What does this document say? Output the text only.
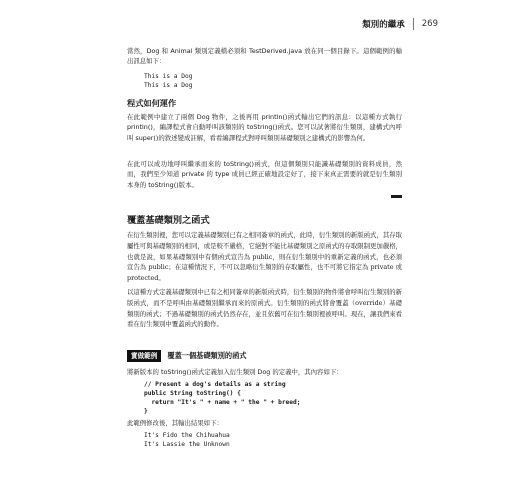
類別的繼承 269

當然，Dog 和 Animal 類別定義檔必須和 TestDerived.java 放在同一個目錄下。這個範例的輸出訊息如下：

This is a Dog
This is a Dog
程式如何運作

在此範例中建立了兩個 Dog 物件，之後再用 println()函式輸出它們的訊息：以這種方式執行 println()，編譯程式會自動呼叫該類別的 toString()函式。您可以試著將衍生類別，建構式內呼叫 super()的敘述變成註解，看看編譯程式對呼叫類別基礎類別之建構式的影響為何。

在此可以成功地呼叫繼承而來的 toString()函式，但這個類別只能識基礎類別的資料成員，然而，我們至少知道 private 的 type 成員已經正確地設定好了，接下來真正需要的就是衍生類別本身的 toString()版本。

覆蓋基礎類別之函式

在衍生類別裡，您可以定義基礎類別已有之相同簽章的函式，此時，衍生類別的新版函式，其存取屬性可與基礎類別的相同，或是較不嚴格，它絕對不能比基礎類別之原函式的存取限制更加嚴格，也就是說，如果基礎類別中有個函式宣告為 public，則在衍生類別中的重新定義的函式，也必須宣告為 public；在這種情況下，不可以忽略衍生類別的存取屬性，也不可將它指定為 private 或 protected。

以這種方式定義基礎類別中已有之相同簽章的新版函式時，衍生類別的物件將會呼叫衍生類別的新版函式，而不是呼叫由基礎類別繼承而來的原函式。衍生類別的函式將會覆蓋（override）基礎類別的函式；不過基礎類別的函式仍然存在，並且依舊可在衍生類別裡被呼叫。現在，讓我們來看看在衍生類別中覆蓋函式的動作。

實做範例	覆蓋一個基礎類別的函式

將新版本的 toString()函式定義加入衍生類別 Dog 的定義中，其內容如下：

// Present a dog's details as a string
public String toString() {
return "It's " + name + " the " + breed;
}

此範例修改後，其輸出結果如下：

It's Fido the Chihuahua
It's Lassie the Unknown
